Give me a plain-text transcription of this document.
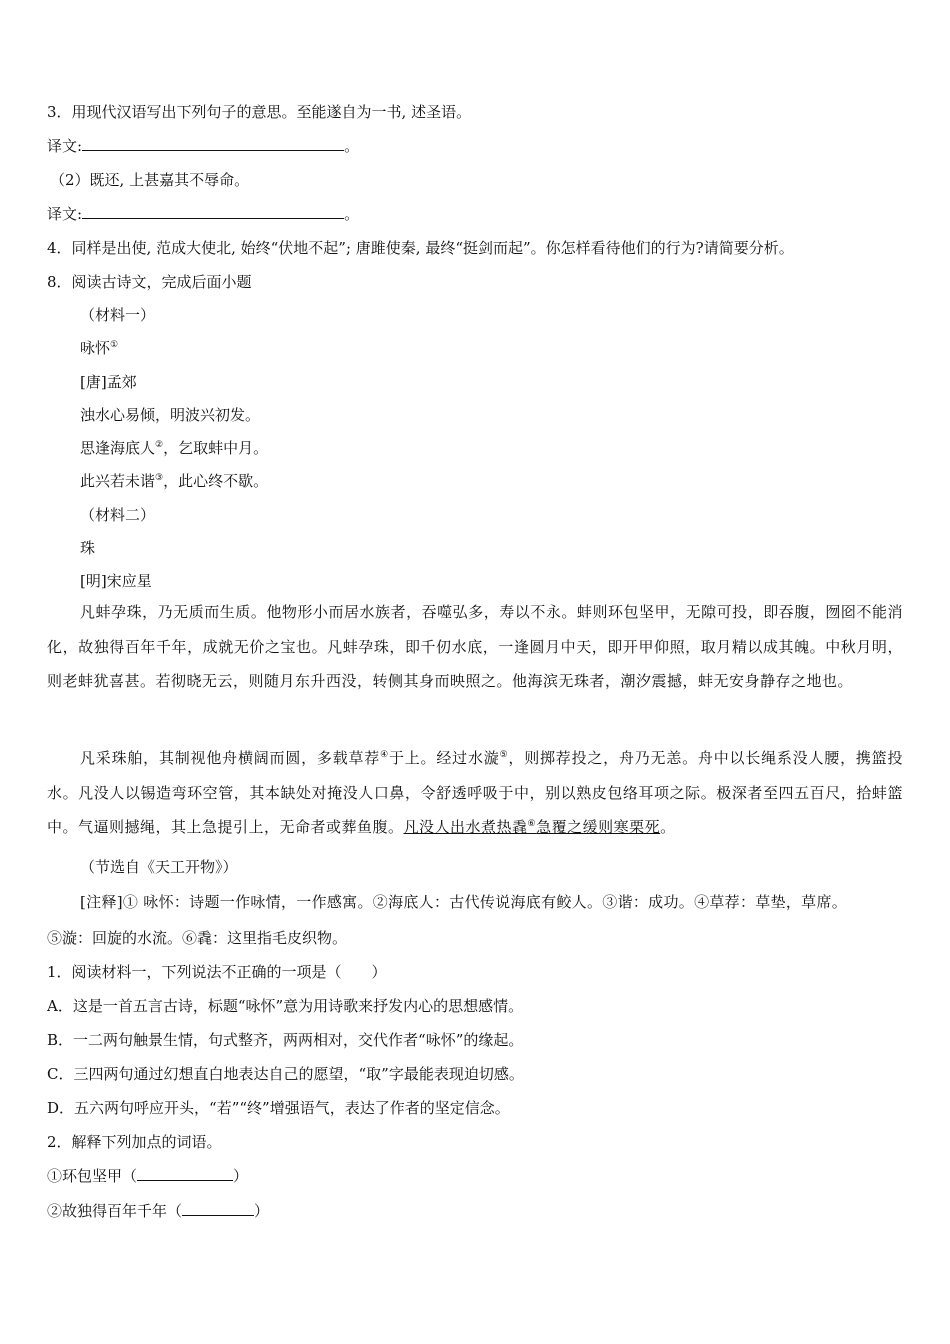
3．用现代汉语写出下列句子的意思。至能遂自为一书, 述圣语。
译文:	。
（2）既还, 上甚嘉其不辱命。
译文:	。
4．同样是出使, 范成大使北, 始终“伏地不起”; 唐雎使秦, 最终“挺剑而起”。你怎样看待他们的行为?请简要分析。
8．阅读古诗文，完成后面小题
（材料一）
咏怀①
[唐]孟郊
浊水心易倾，明波兴初发。
思逢海底人②，乞取蚌中月。
此兴若未谐③，此心终不歇。
（材料二）
珠
[明]宋应星
凡蚌孕珠，乃无质而生质。他物形小而居水族者，吞噬弘多，寿以不永。蚌则环包坚甲，无隙可投，即吞腹，囫囵不能消化，故独得百年千年，成就无价之宝也。凡蚌孕珠，即千仞水底，一逢圆月中天，即开甲仰照，取月精以成其魄。中秋月明，则老蚌犹喜甚。若彻晓无云，则随月东升西没，转侧其身而映照之。他海滨无珠者，潮汐震撼，蚌无安身静存之地也。
凡采珠舶，其制视他舟横阔而圆，多载草荐④于上。经过水漩⑤，则掷荐投之，舟乃无恙。舟中以长绳系没人腰，携篮投水。凡没人以锡造弯环空管，其本缺处对掩没人口鼻，令舒透呼吸于中，别以熟皮包络耳项之际。极深者至四五百尺，拾蚌篮中。气逼则撼绳，其上急提引上，无命者或葬鱼腹。凡没人出水煮热毳⑥急覆之缓则寒栗死。
（节选自《天工开物》）
[注释]① 咏怀：诗题一作咏情，一作感寓。②海底人：古代传说海底有鲛人。③谐：成功。④草荐：草垫，草席。
⑤漩：回旋的水流。⑥毳：这里指毛皮织物。
1．阅读材料一，下列说法不正确的一项是（　　）
A．这是一首五言古诗，标题“咏怀”意为用诗歌来抒发内心的思想感情。
B．一二两句触景生情，句式整齐，两两相对，交代作者“咏怀”的缘起。
C．三四两句通过幻想直白地表达自己的愿望，“取”字最能表现迫切感。
D．五六两句呼应开头，“若”“终”增强语气，表达了作者的坚定信念。
2．解释下列加点的词语。
①环包坚甲（	）
②故独得百年千年（	）
